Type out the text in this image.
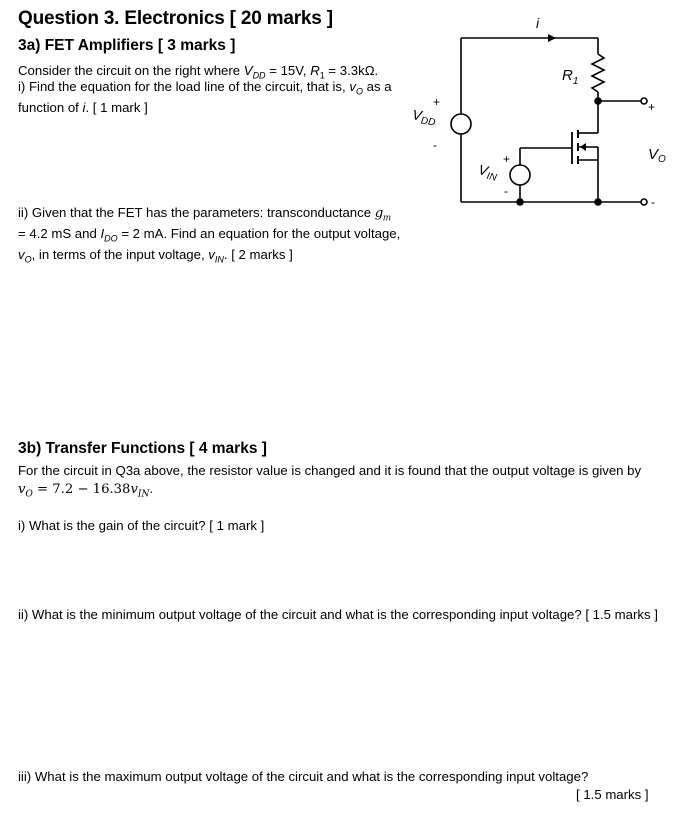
Question 3. Electronics [ 20 marks ]
3a) FET Amplifiers [ 3 marks ]
Consider the circuit on the right where $V_{DD} = 15V$, $R_1 = 3.3k\Omega$.
i) Find the equation for the load line of the circuit, that is, $v_O$ as a
function of i. [ 1 mark ]
ii) Given that the FET has the parameters: transconductance $g_m$
= 4.2 mS and $I_{DO} = 2$ mA. Find an equation for the output voltage,
$v_O$, in terms of the input voltage, $v_{IN}$. [ 2 marks ]
i
$R_1$
+
$V_O$
+
-
$V_{IN}$
+
-
$V_{DD}$
-
3b) Transfer Functions [ 4 marks ]
For the circuit in Q3a above, the resistor value is changed and it is found that the output voltage is given by
$v_O = 7.2 - 16.38v_{IN}$.
i) What is the gain of the circuit? [ 1 mark ]
ii) What is the minimum output voltage of the circuit and what is the corresponding input voltage? [ 1.5 marks ]
iii) What is the maximum output voltage of the circuit and what is the corresponding input voltage?
[ 1.5 marks ]
